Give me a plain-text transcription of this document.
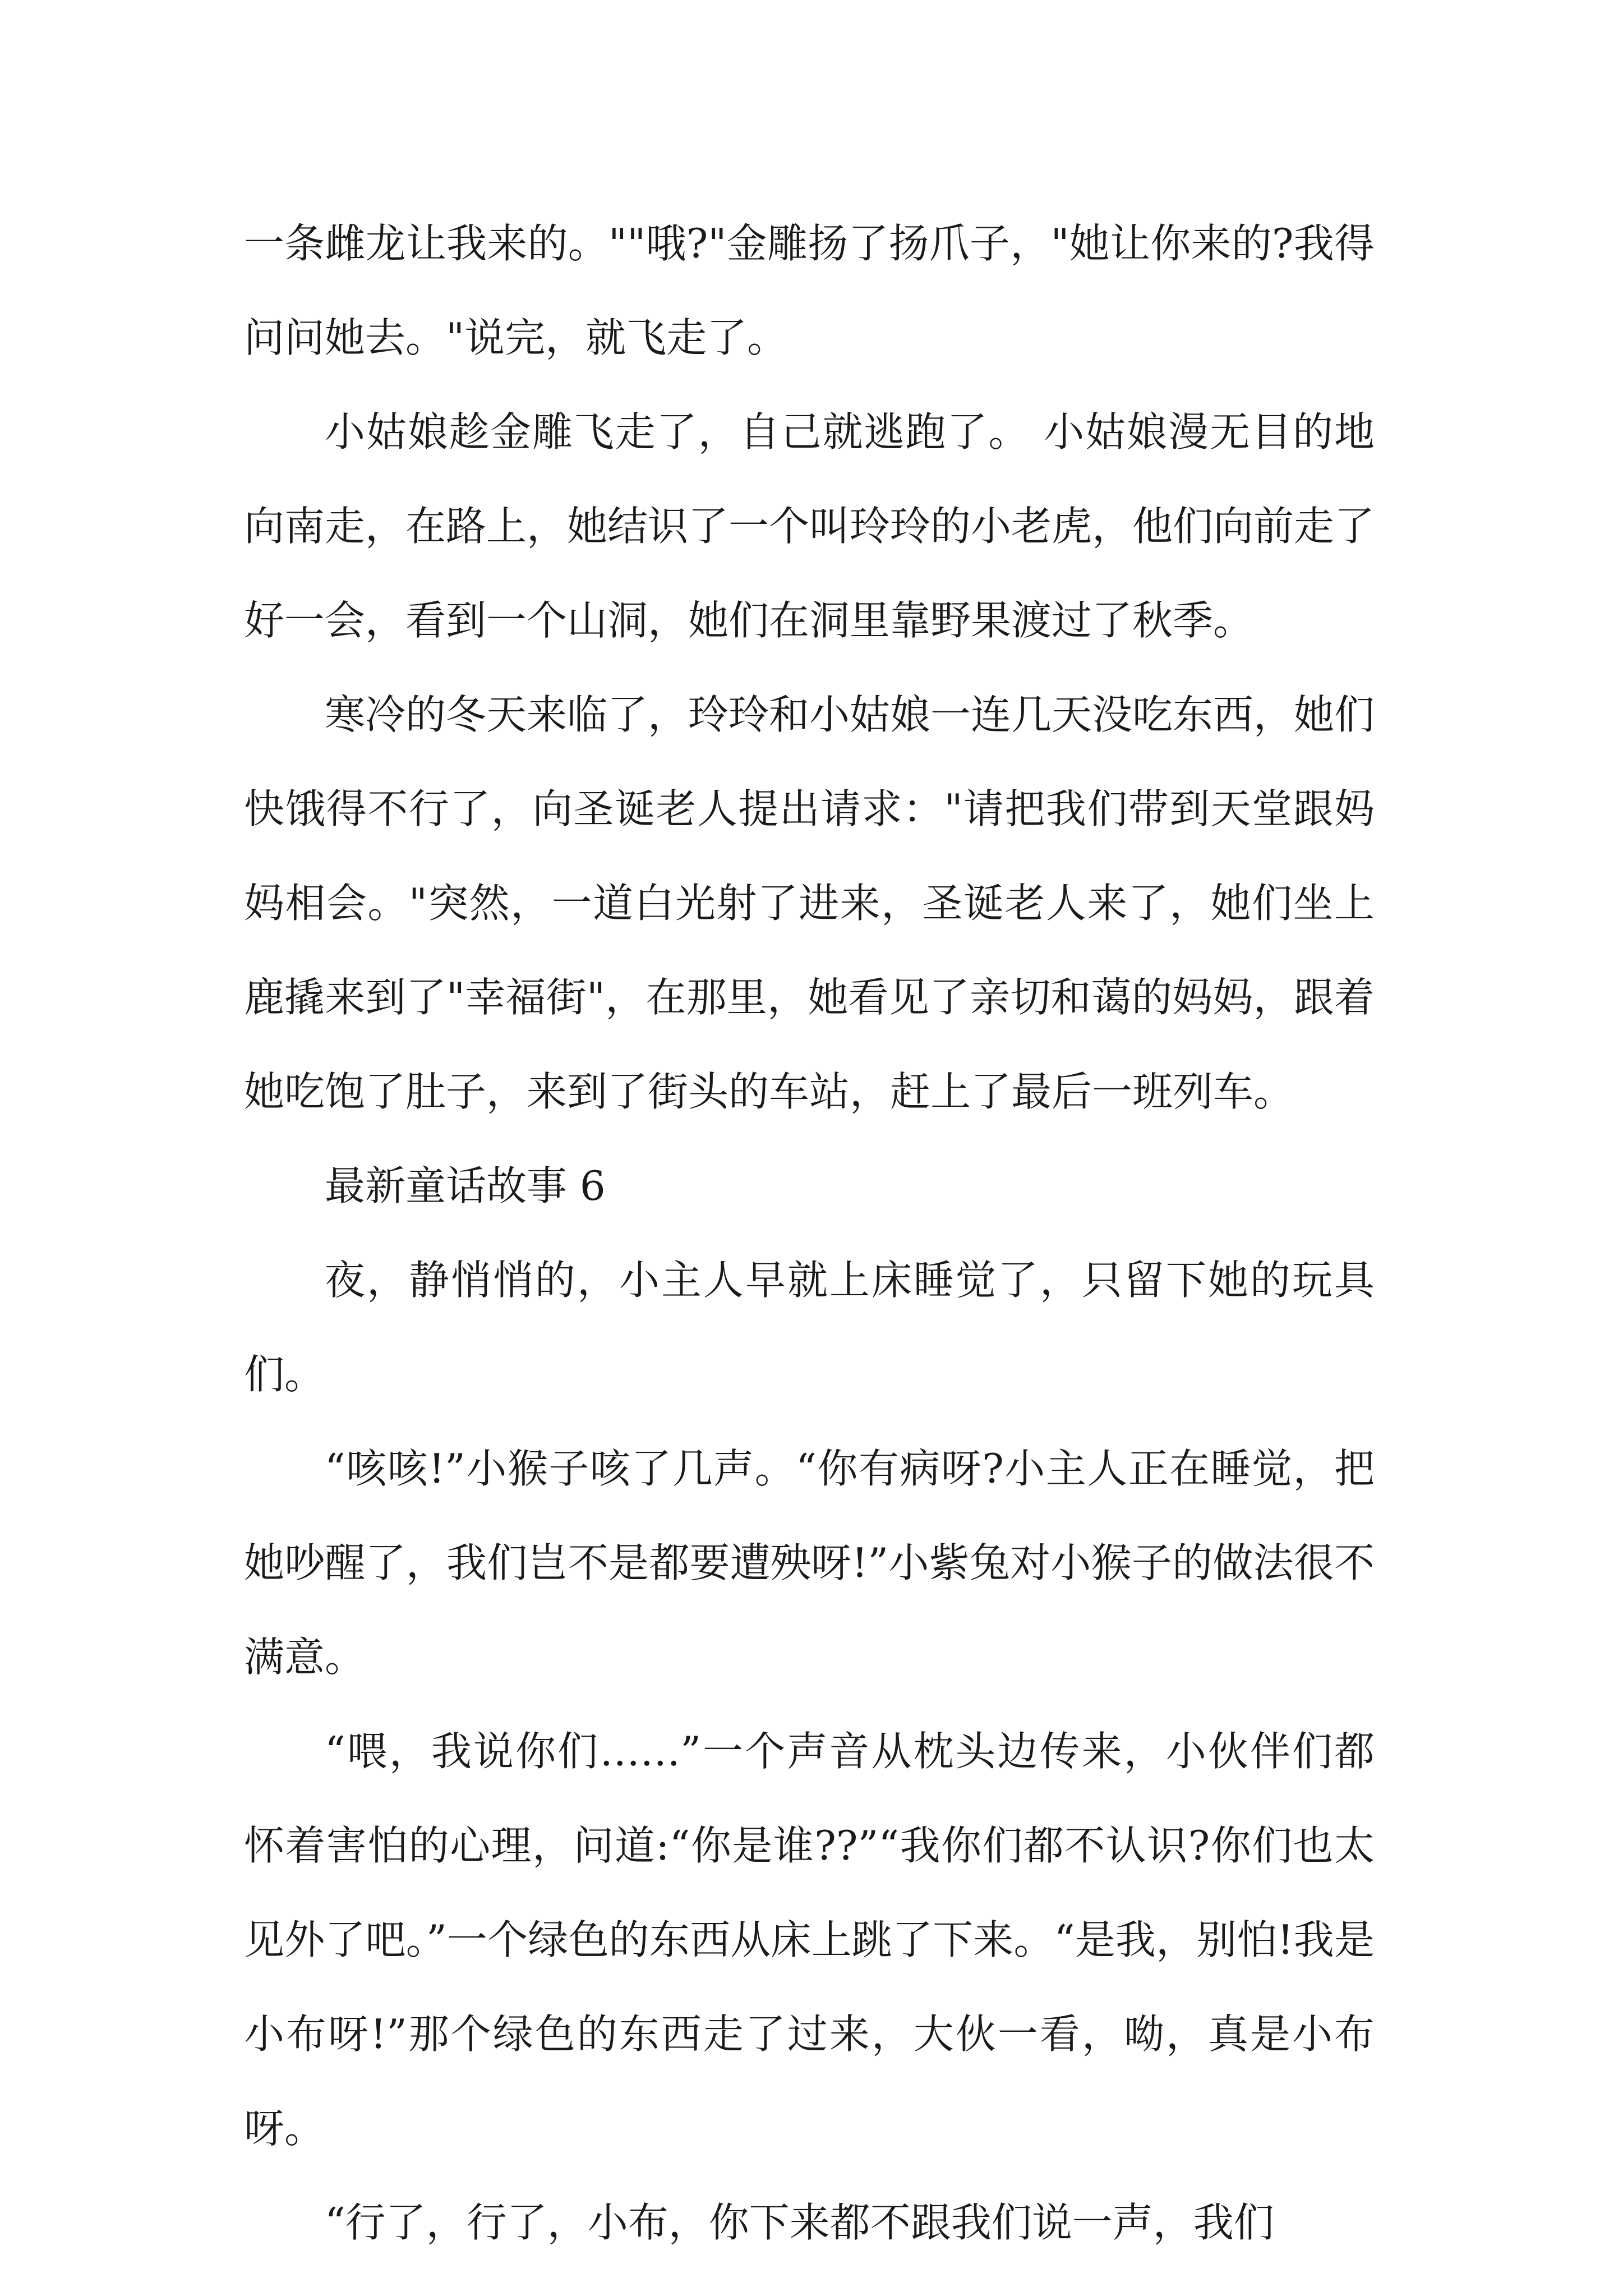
一条雌龙让我来的。""哦?"金雕扬了扬爪子，"她让你来的?我得问问她去。"说完，就飞走了。

小姑娘趁金雕飞走了，自己就逃跑了。 小姑娘漫无目的地向南走，在路上，她结识了一个叫玲玲的小老虎，他们向前走了好一会，看到一个山洞，她们在洞里靠野果渡过了秋季。

寒冷的冬天来临了，玲玲和小姑娘一连几天没吃东西，她们快饿得不行了，向圣诞老人提出请求："请把我们带到天堂跟妈妈相会。"突然，一道白光射了进来，圣诞老人来了，她们坐上鹿撬来到了"幸福街"，在那里，她看见了亲切和蔼的妈妈，跟着她吃饱了肚子，来到了街头的车站，赶上了最后一班列车。

最新童话故事 6

夜，静悄悄的，小主人早就上床睡觉了，只留下她的玩具们。

“咳咳!”小猴子咳了几声。“你有病呀?小主人正在睡觉，把她吵醒了，我们岂不是都要遭殃呀!”小紫兔对小猴子的做法很不满意。

“喂，我说你们……”一个声音从枕头边传来，小伙伴们都怀着害怕的心理，问道:“你是谁??”“我你们都不认识?你们也太见外了吧。”一个绿色的东西从床上跳了下来。“是我，别怕!我是小布呀!”那个绿色的东西走了过来，大伙一看，呦，真是小布呀。

“行了，行了，小布，你下来都不跟我们说一声，我们
